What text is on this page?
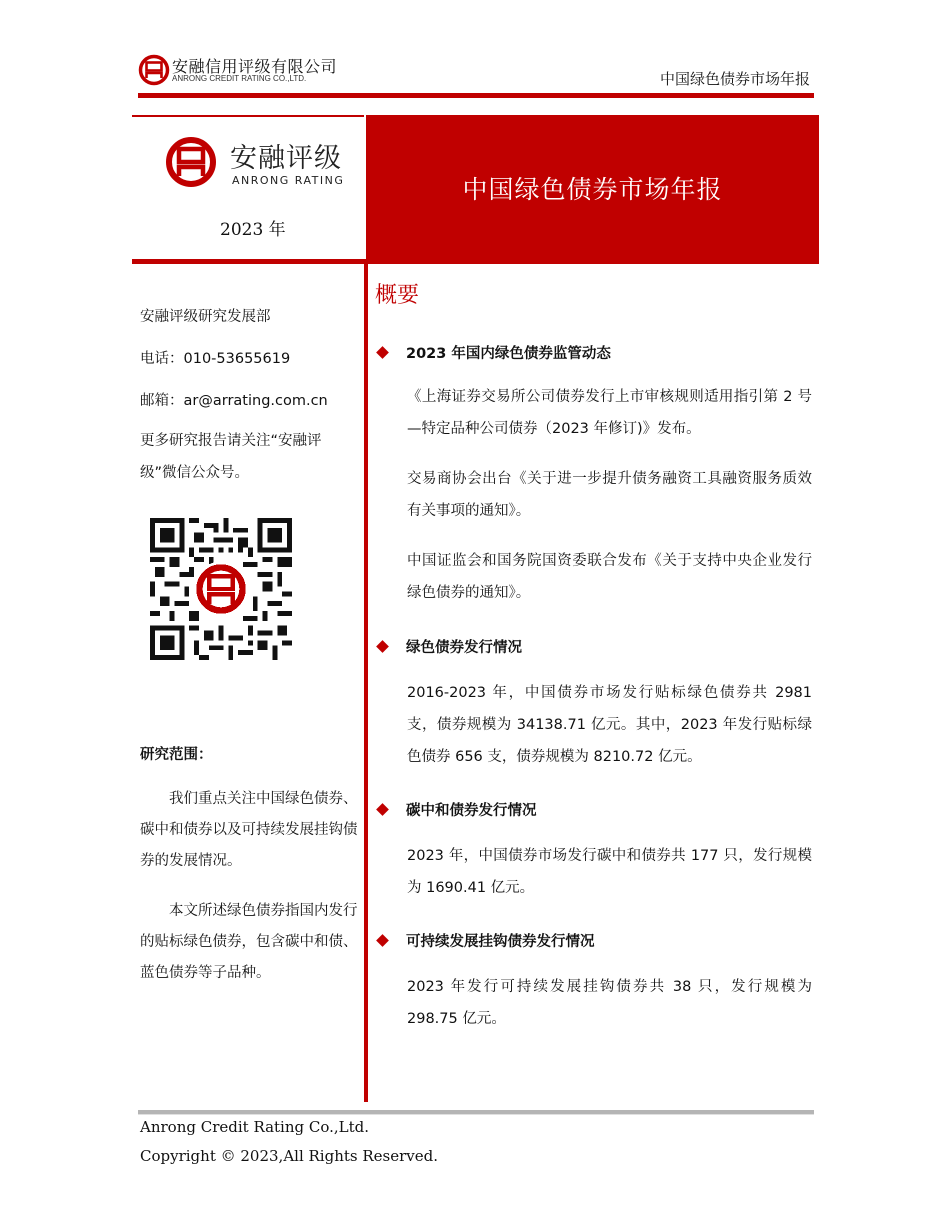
安融信用评级有限公司
ANRONG CREDIT RATING CO.,LTD.	中国绿色债券市场年报
安融评级
ANRONG RATING
2023 年
中国绿色债券市场年报
安融评级研究发展部
电话：010-53655619
邮箱：ar@arrating.com.cn
更多研究报告请关注“安融评
级”微信公众号。
研究范围：

我们重点关注中国绿色债券、碳中和债券以及可持续发展挂钩债券的发展情况。

本文所述绿色债券指国内发行的贴标绿色债券，包含碳中和债、蓝色债券等子品种。

概要
2023 年国内绿色债券监管动态

《上海证券交易所公司债券发行上市审核规则适用指引第 2 号—特定品种公司债券（2023 年修订)》发布。

交易商协会出台《关于进一步提升债务融资工具融资服务质效有关事项的通知》。

中国证监会和国务院国资委联合发布《关于支持中央企业发行绿色债券的通知》。

绿色债券发行情况

2016-2023 年，中国债券市场发行贴标绿色债券共 2981 支，债券规模为 34138.71 亿元。其中，2023 年发行贴标绿色债券 656 支，债券规模为 8210.72 亿元。

碳中和债券发行情况

2023 年，中国债券市场发行碳中和债券共 177 只，发行规模为 1690.41 亿元。

可持续发展挂钩债券发行情况

2023 年发行可持续发展挂钩债券共 38 只，发行规模为 298.75 亿元。

Anrong Credit Rating Co.,Ltd.
Copyright © 2023,All Rights Reserved.
